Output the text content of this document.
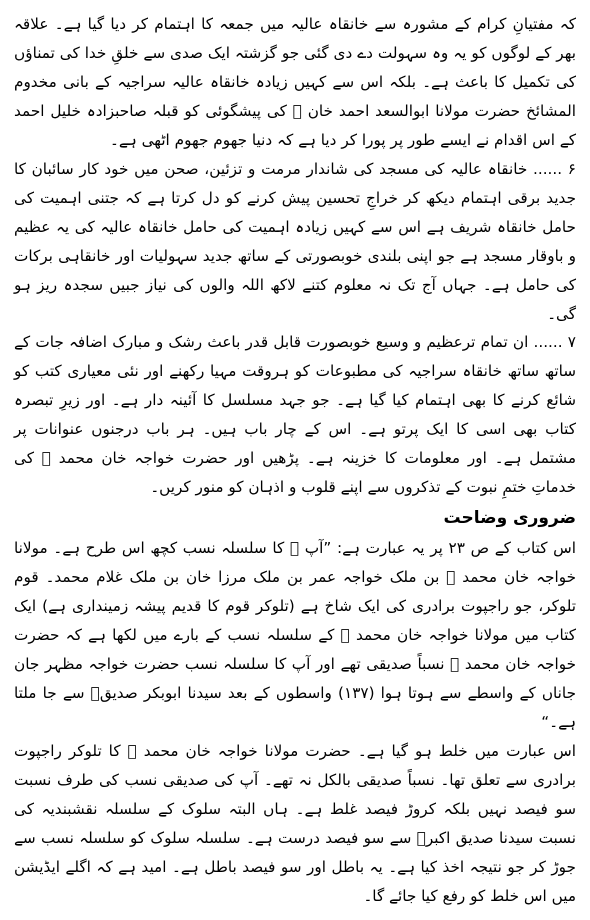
کہ مفتیانِ کرام کے مشورہ سے خانقاہ عالیہ میں جمعہ کا اہتمام کر دیا گیا ہے۔ علاقہ بھر کے لوگوں کو یہ وہ سہولت دے دی گئی جو گزشتہ ایک صدی سے خلقِ خدا کی تمناؤں کی تکمیل کا باعث ہے۔ بلکہ اس سے کہیں زیادہ خانقاہ عالیہ سراجیہ کے بانی مخدوم المشائخ حضرت مولانا ابوالسعد احمد خان ﷫ کی پیشگوئی کو قبلہ صاحبزادہ خلیل احمد کے اس اقدام نے ایسے طور پر پورا کر دیا ہے کہ دنیا جھوم جھوم اٹھی ہے۔

۶ ...... خانقاہ عالیہ کی مسجد کی شاندار مرمت و تزئین، صحن میں خود کار سائبان کا جدید برقی اہتمام دیکھ کر خراجِ تحسین پیش کرنے کو دل کرتا ہے کہ جتنی اہمیت کی حامل خانقاہ شریف ہے اس سے کہیں زیادہ اہمیت کی حامل خانقاہ عالیہ کی یہ عظیم و باوقار مسجد ہے جو اپنی بلندی خوبصورتی کے ساتھ جدید سہولیات اور خانقاہی برکات کی حامل ہے۔ جہاں آج تک نہ معلوم کتنے لاکھ اللہ والوں کی نیاز جبیں سجدہ ریز ہو گی۔

۷ ...... ان تمام ترعظیم و وسیع خوبصورت قابل قدر باعث رشک و مبارک اضافہ جات کے ساتھ ساتھ خانقاہ سراجیہ کی مطبوعات کو ہروقت مہیا رکھنے اور نئی معیاری کتب کو شائع کرنے کا بھی اہتمام کیا گیا ہے۔ جو جہد مسلسل کا آئینہ دار ہے۔ اور زیرِ تبصرہ کتاب بھی اسی کا ایک پرتو ہے۔ اس کے چار باب ہیں۔ ہر باب درجنوں عنوانات پر مشتمل ہے۔ اور معلومات کا خزینہ ہے۔ پڑھیں اور حضرت خواجہ خان محمد ﷫ کی خدماتِ ختمِ نبوت کے تذکروں سے اپنے قلوب و اذہان کو منور کریں۔

ضروری وضاحت

اس کتاب کے ص ۲۳ پر یہ عبارت ہے: ”آپ ﷫ کا سلسلہ نسب کچھ اس طرح ہے۔ مولانا خواجہ خان محمد ﷫ بن ملک خواجہ عمر بن ملک مرزا خان بن ملک غلام محمد۔ قوم تلوکر، جو راجپوت برادری کی ایک شاخ ہے (تلوکر قوم کا قدیم پیشہ زمینداری ہے) ایک کتاب میں مولانا خواجہ خان محمد ﷫ کے سلسلہ نسب کے بارے میں لکھا ہے کہ حضرت خواجہ خان محمد ﷫ نسباً صدیقی تھے اور آپ کا سلسلہ نسب حضرت خواجہ مظہر جان جاناں کے واسطے سے ہوتا ہوا (۱۳۷) واسطوں کے بعد سیدنا ابوبکر صدیقؓ سے جا ملتا ہے۔“

اس عبارت میں خلط ہو گیا ہے۔ حضرت مولانا خواجہ خان محمد ﷫ کا تلوکر راجپوت برادری سے تعلق تھا۔ نسباً صدیقی بالکل نہ تھے۔ آپ کی صدیقی نسب کی طرف نسبت سو فیصد نہیں بلکہ کروڑ فیصد غلط ہے۔ ہاں البتہ سلوک کے سلسلہ نقشبندیہ کی نسبت سیدنا صدیق اکبرؓ سے سو فیصد درست ہے۔ سلسلہ سلوک کو سلسلہ نسب سے جوڑ کر جو نتیجہ اخذ کیا ہے۔ یہ باطل اور سو فیصد باطل ہے۔ امید ہے کہ اگلے ایڈیشن میں اس خلط کو رفع کیا جائے گا۔
